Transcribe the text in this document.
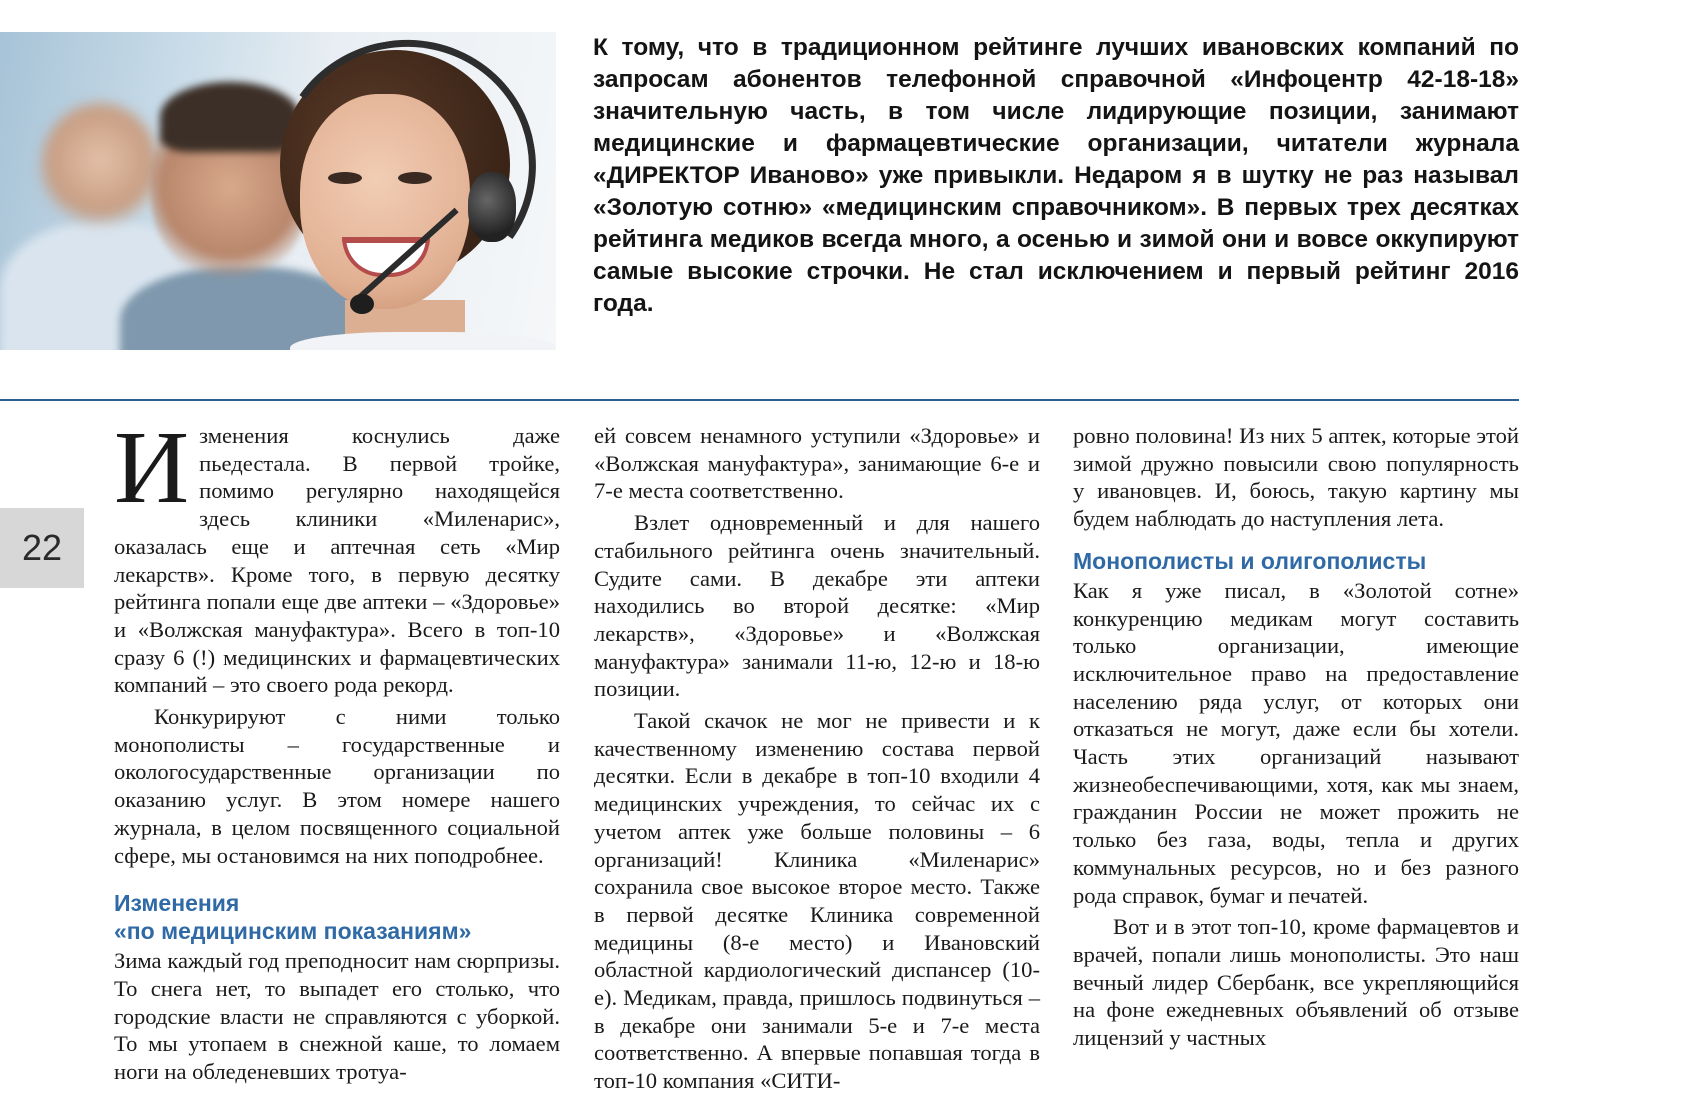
К тому, что в традиционном рейтинге лучших ивановских компаний по запросам абонентов телефонной справочной «Инфоцентр 42-18-18» значительную часть, в том числе лидирующие позиции, занимают медицинские и фармацевтические организации, читатели журнала «ДИРЕКТОР Иваново» уже привыкли. Недаром я в шутку не раз называл «Золотую сотню» «медицинским справочником». В первых трех десятках рейтинга медиков всегда много, а осенью и зимой они и вовсе оккупируют самые высокие строчки. Не стал исключением и первый рейтинг 2016 года.

22

Изменения коснулись даже пьедестала. В первой тройке, помимо регулярно находящейся здесь клиники «Миленарис», оказалась еще и аптечная сеть «Мир лекарств». Кроме того, в первую десятку рейтинга попали еще две аптеки – «Здоровье» и «Волжская мануфактура». Всего в топ-10 сразу 6 (!) медицинских и фармацевтических компаний – это своего рода рекорд.

Конкурируют с ними только монополисты – государственные и окологосударственные организации по оказанию услуг. В этом номере нашего журнала, в целом посвященного социальной сфере, мы остановимся на них поподробнее.

Изменения
«по медицинским показаниям»

Зима каждый год преподносит нам сюрпризы. То снега нет, то выпадет его столько, что городские власти не справляются с уборкой. То мы утопаем в снежной каше, то ломаем ноги на обледеневших тротуа-

ей совсем ненамного уступили «Здоровье» и «Волжская мануфактура», занимающие 6-е и 7-е места соответственно.

Взлет одновременный и для нашего стабильного рейтинга очень значительный. Судите сами. В декабре эти аптеки находились во второй десятке: «Мир лекарств», «Здоровье» и «Волжская мануфактура» занимали 11-ю, 12-ю и 18-ю позиции.

Такой скачок не мог не привести и к качественному изменению состава первой десятки. Если в декабре в топ-10 входили 4 медицинских учреждения, то сейчас их с учетом аптек уже больше половины – 6 организаций! Клиника «Миленарис» сохранила свое высокое второе место. Также в первой десятке Клиника современной медицины (8-е место) и Ивановский областной кардиологический диспансер (10-е). Медикам, правда, пришлось подвинуться – в декабре они занимали 5-е и 7-е места соответственно. А впервые попавшая тогда в топ-10 компания «СИТИ-

ровно половина! Из них 5 аптек, которые этой зимой дружно повысили свою популярность у ивановцев. И, боюсь, такую картину мы будем наблюдать до наступления лета.

Монополисты и олигополисты

Как я уже писал, в «Золотой сотне» конкуренцию медикам могут составить только организации, имеющие исключительное право на предоставление населению ряда услуг, от которых они отказаться не могут, даже если бы хотели. Часть этих организаций называют жизнеобеспечивающими, хотя, как мы знаем, гражданин России не может прожить не только без газа, воды, тепла и других коммунальных ресурсов, но и без разного рода справок, бумаг и печатей.

Вот и в этот топ-10, кроме фармацевтов и врачей, попали лишь монополисты. Это наш вечный лидер Сбербанк, все укрепляющийся на фоне ежедневных объявлений об отзыве лицензий у частных
